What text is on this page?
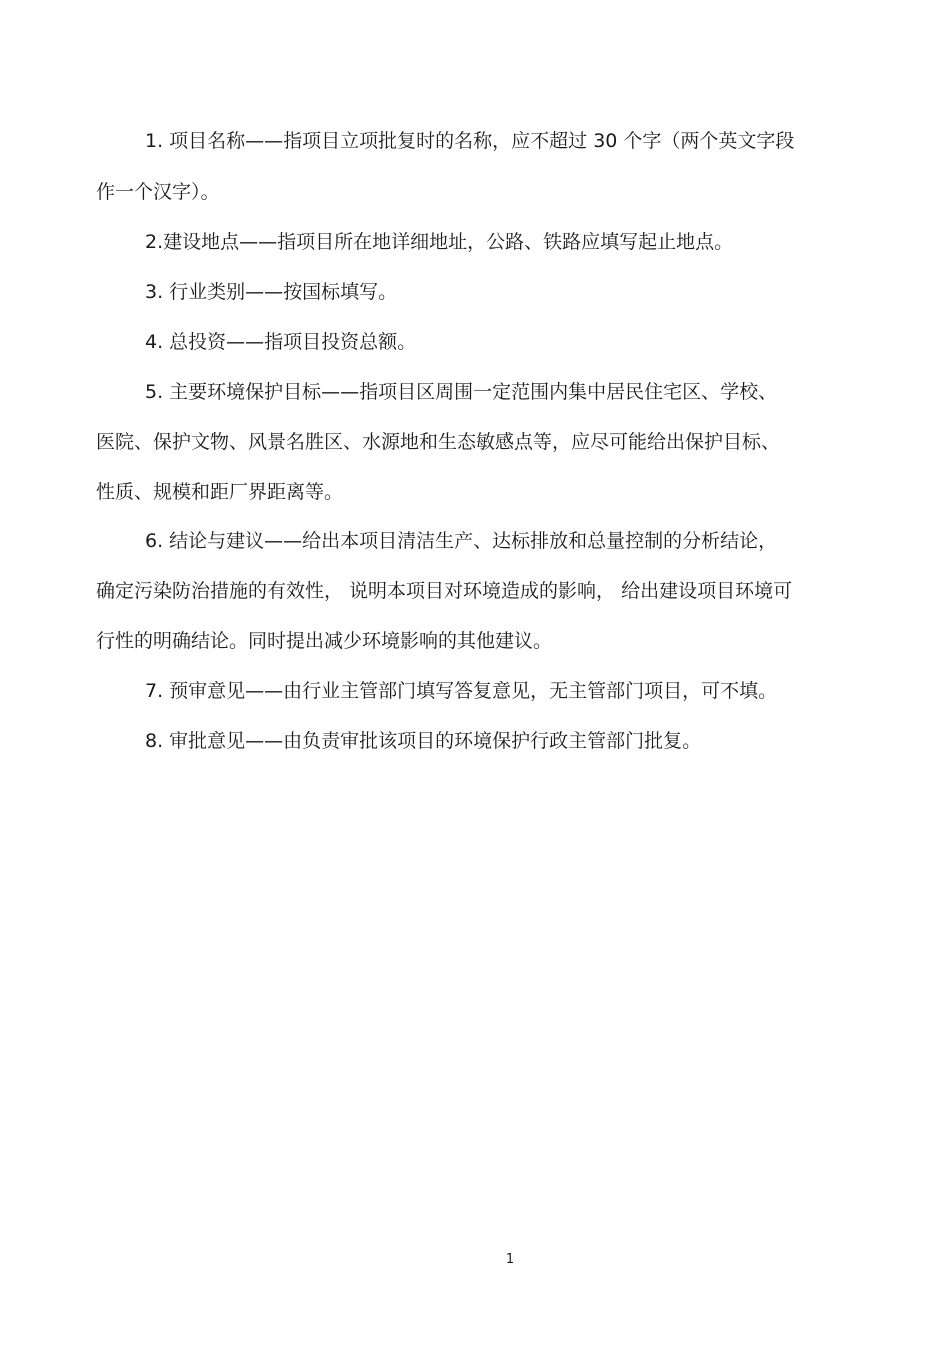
1. 项目名称——指项目立项批复时的名称，应不超过 30 个字（两个英文字段
作一个汉字）。
2.建设地点——指项目所在地详细地址，公路、铁路应填写起止地点。
3. 行业类别——按国标填写。
4. 总投资——指项目投资总额。
5. 主要环境保护目标——指项目区周围一定范围内集中居民住宅区、学校、
医院、保护文物、风景名胜区、水源地和生态敏感点等，应尽可能给出保护目标、
性质、规模和距厂界距离等。
6. 结论与建议——给出本项目清洁生产、达标排放和总量控制的分析结论，
确定污染防治措施的有效性， 说明本项目对环境造成的影响， 给出建设项目环境可
行性的明确结论。同时提出减少环境影响的其他建议。
7. 预审意见——由行业主管部门填写答复意见，无主管部门项目，可不填。
8. 审批意见——由负责审批该项目的环境保护行政主管部门批复。
1
